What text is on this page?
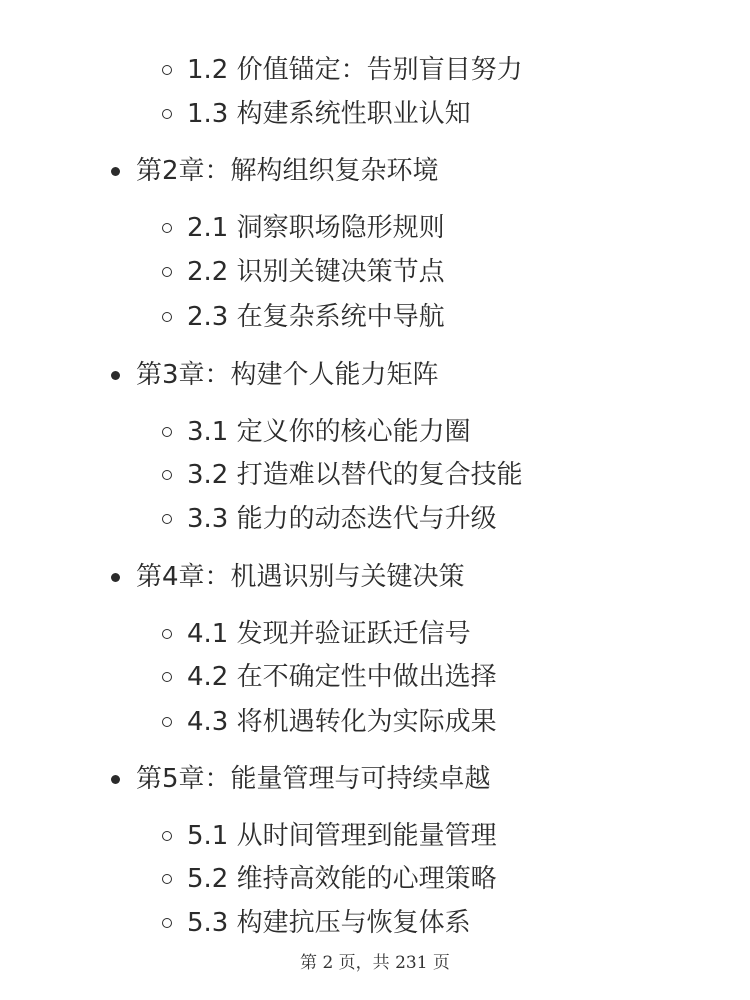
1.2 价值锚定：告别盲目努力
1.3 构建系统性职业认知
第2章：解构组织复杂环境
2.1 洞察职场隐形规则
2.2 识别关键决策节点
2.3 在复杂系统中导航
第3章：构建个人能力矩阵
3.1 定义你的核心能力圈
3.2 打造难以替代的复合技能
3.3 能力的动态迭代与升级
第4章：机遇识别与关键决策
4.1 发现并验证跃迁信号
4.2 在不确定性中做出选择
4.3 将机遇转化为实际成果
第5章：能量管理与可持续卓越
5.1 从时间管理到能量管理
5.2 维持高效能的心理策略
5.3 构建抗压与恢复体系
第 2 页，共 231 页
